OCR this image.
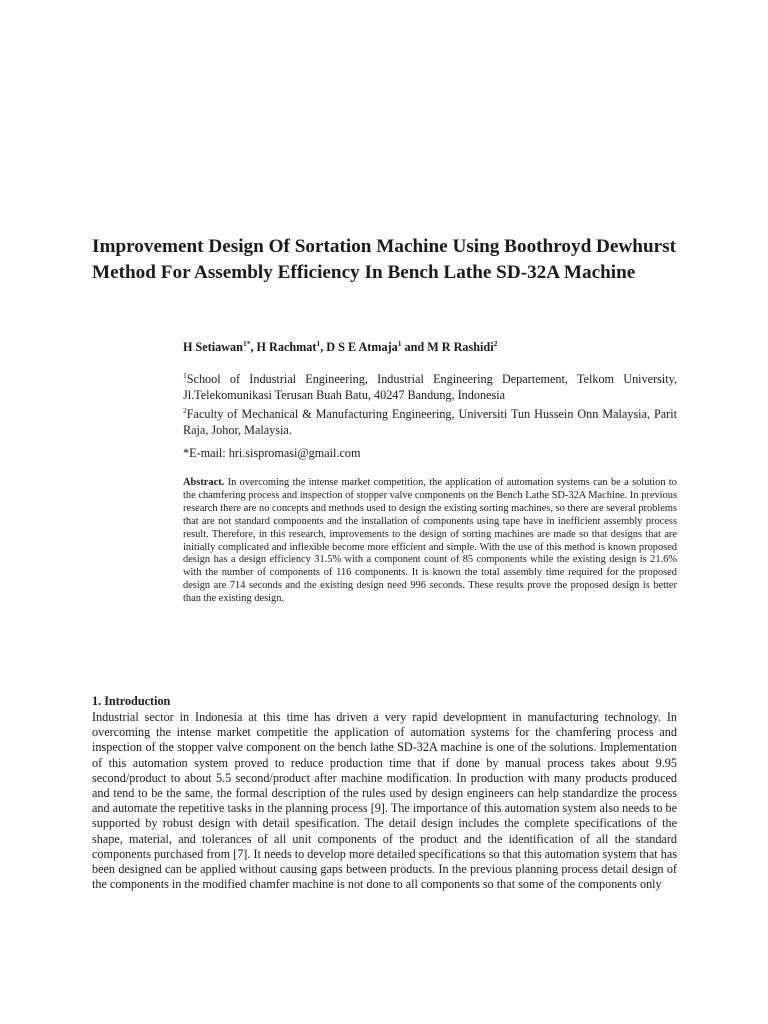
Improvement Design Of Sortation Machine Using Boothroyd Dewhurst Method For Assembly Efficiency In Bench Lathe SD-32A Machine

H Setiawan$^{1*}$, H Rachmat$^1$, D S E Atmaja$^1$ and M R Rashidi$^2$

$^1$School of Industrial Engineering, Industrial Engineering Departement, Telkom University, Jl.Telekomunikasi Terusan Buah Batu, 40247 Bandung, Indonesia

$^2$Faculty of Mechanical & Manufacturing Engineering, Universiti Tun Hussein Onn Malaysia, Parit Raja, Johor, Malaysia.

*E-mail: hri.sispromasi@gmail.com

Abstract. In overcoming the intense market competition, the application of automation systems can be a solution to the chamfering process and inspection of stopper valve components on the Bench Lathe SD-32A Machine. In previous research there are no concepts and methods used to design the existing sorting machines, so there are several problems that are not standard components and the installation of components using tape have in inefficient assembly process result. Therefore, in this research, improvements to the design of sorting machines are made so that designs that are initially complicated and inflexible become more efficient and simple. With the use of this method is known proposed design has a design efficiency 31.5% with a component count of 85 components while the existing design is 21.6% with the number of components of 116 components. It is known the total assembly time required for the proposed design are 714 seconds and the existing design need 996 seconds. These results prove the proposed design is better than the existing design.

1. Introduction

Industrial sector in Indonesia at this time has driven a very rapid development in manufacturing technology. In overcoming the intense market competitie the application of automation systems for the chamfering process and inspection of the stopper valve component on the bench lathe SD-32A machine is one of the solutions. Implementation of this automation system proved to reduce production time that if done by manual process takes about 9.95 second/product to about 5.5 second/product after machine modification. In production with many products produced and tend to be the same, the formal description of the rules used by design engineers can help standardize the process and automate the repetitive tasks in the planning process [9]. The importance of this automation system also needs to be supported by robust design with detail spesification. The detail design includes the complete specifications of the shape, material, and tolerances of all unit components of the product and the identification of all the standard components purchased from [7]. It needs to develop more detailed specifications so that this automation system that has been designed can be applied without causing gaps between products. In the previous planning process detail design of the components in the modified chamfer machine is not done to all components so that some of the components only
